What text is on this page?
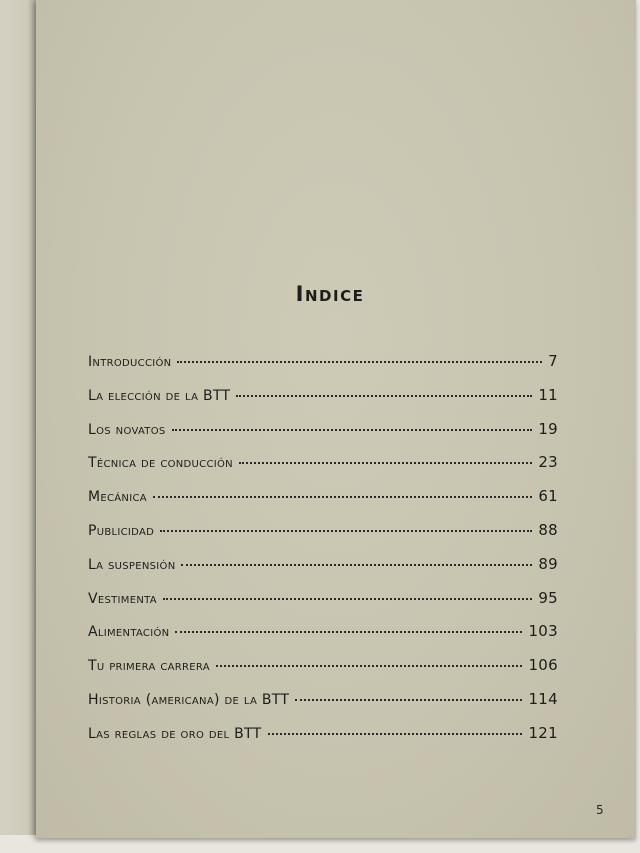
Indice
Introducción	7
La elección de la BTT	11
Los novatos	19
Técnica de conducción	23
Mecánica	61
Publicidad	88
La suspensión	89
Vestimenta	95
Alimentación	103
Tu primera carrera	106
Historia (americana) de la BTT	114
Las reglas de oro del BTT	121
5
